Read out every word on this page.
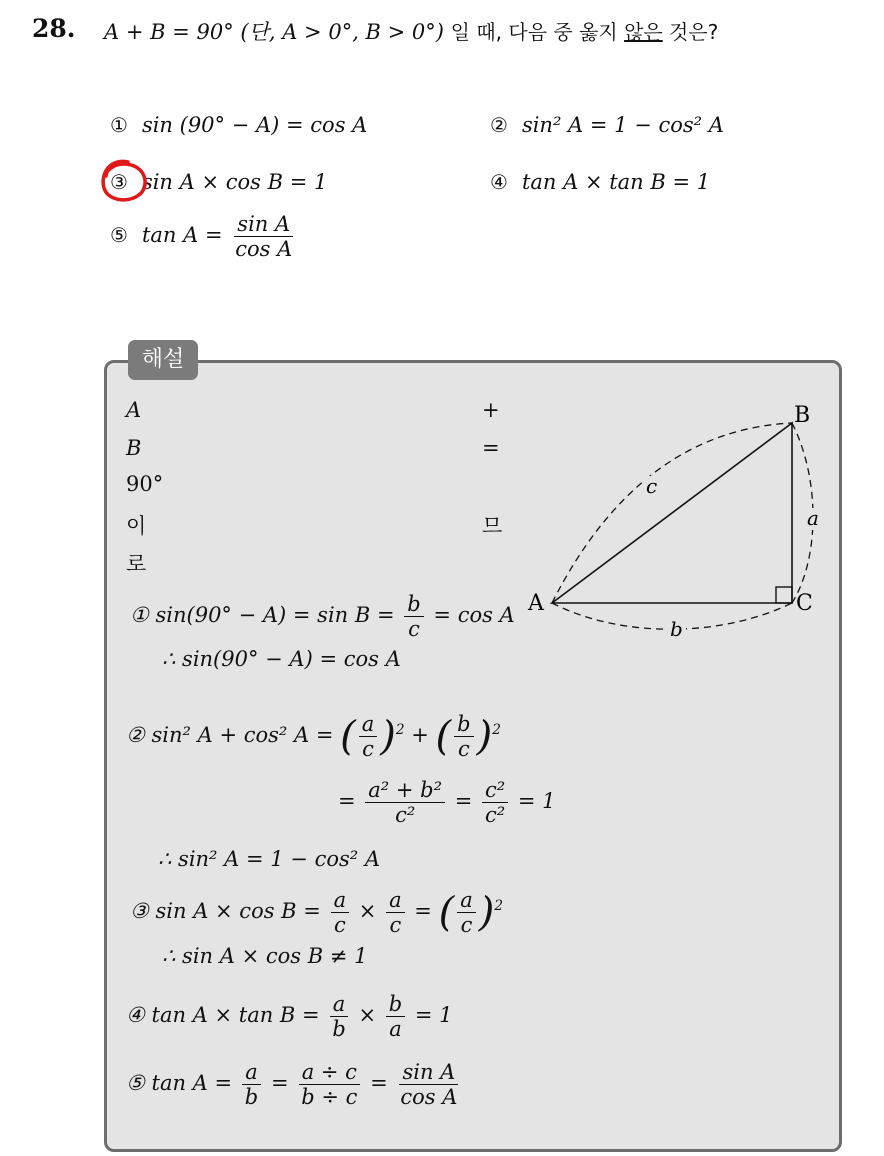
28. A + B = 90° (단, A > 0°, B > 0°) 일 때, 다음 중 옳지 않은 것은?
① sin (90° − A) = cos A	② sin² A = 1 − cos² A
③ sin A × cos B = 1	④ tan A × tan B = 1
⑤ $\tan A = \frac{\text{sin A}}{\text{cos A}}$
해설
A
B
90°
이
로
+
=
므
A
B
C
c
a
b
① $\sin(90^\circ - A) = \sin B = \frac{b}{c} = \cos A$
∴ sin(90° − A) = cos A
② sin² A + cos² A = ( $\frac{a}{c} )^2$ + ( $\frac{b}{c} )^2$
= $\frac{\text{a² + b²}}{\text{c²}} = \frac{\text{c²}}{\text{c²}} = 1$
∴ sin² A = 1 − cos² A
③ $\sin A \times \cos B = \frac{a}{c} \times \frac{a}{c}$ = ( $\frac{a}{c} )^2$
∴ sin A × cos B ≠ 1
④ $\tan A \times \tan B = \frac{a}{b} \times \frac{b}{a} = 1$
⑤ $\tan A = \frac{a}{b} = \frac{a \div c}{b \div c} = \frac{\text{sin A}}{\text{cos A}}$
